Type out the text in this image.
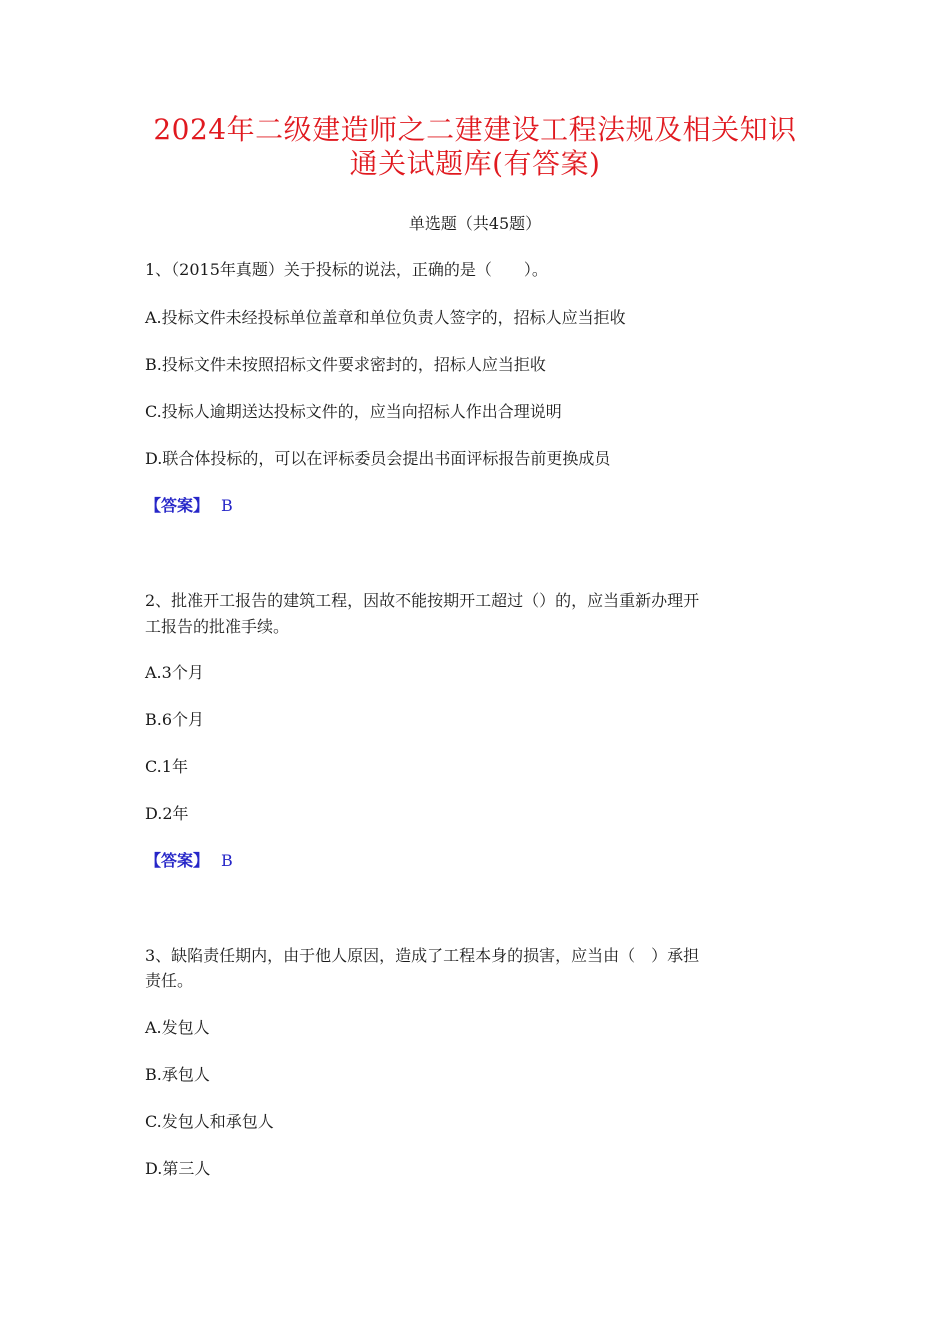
2024年二级建造师之二建建设工程法规及相关知识
通关试题库(有答案)
单选题（共45题）
1、（2015年真题）关于投标的说法，正确的是（　　）。
A.投标文件未经投标单位盖章和单位负责人签字的，招标人应当拒收
B.投标文件未按照招标文件要求密封的，招标人应当拒收
C.投标人逾期送达投标文件的，应当向招标人作出合理说明
D.联合体投标的，可以在评标委员会提出书面评标报告前更换成员
【答案】 B
2、批准开工报告的建筑工程，因故不能按期开工超过（）的，应当重新办理开
工报告的批准手续。
A.3个月
B.6个月
C.1年
D.2年
【答案】 B
3、缺陷责任期内，由于他人原因，造成了工程本身的损害，应当由（　）承担
责任。
A.发包人
B.承包人
C.发包人和承包人
D.第三人
